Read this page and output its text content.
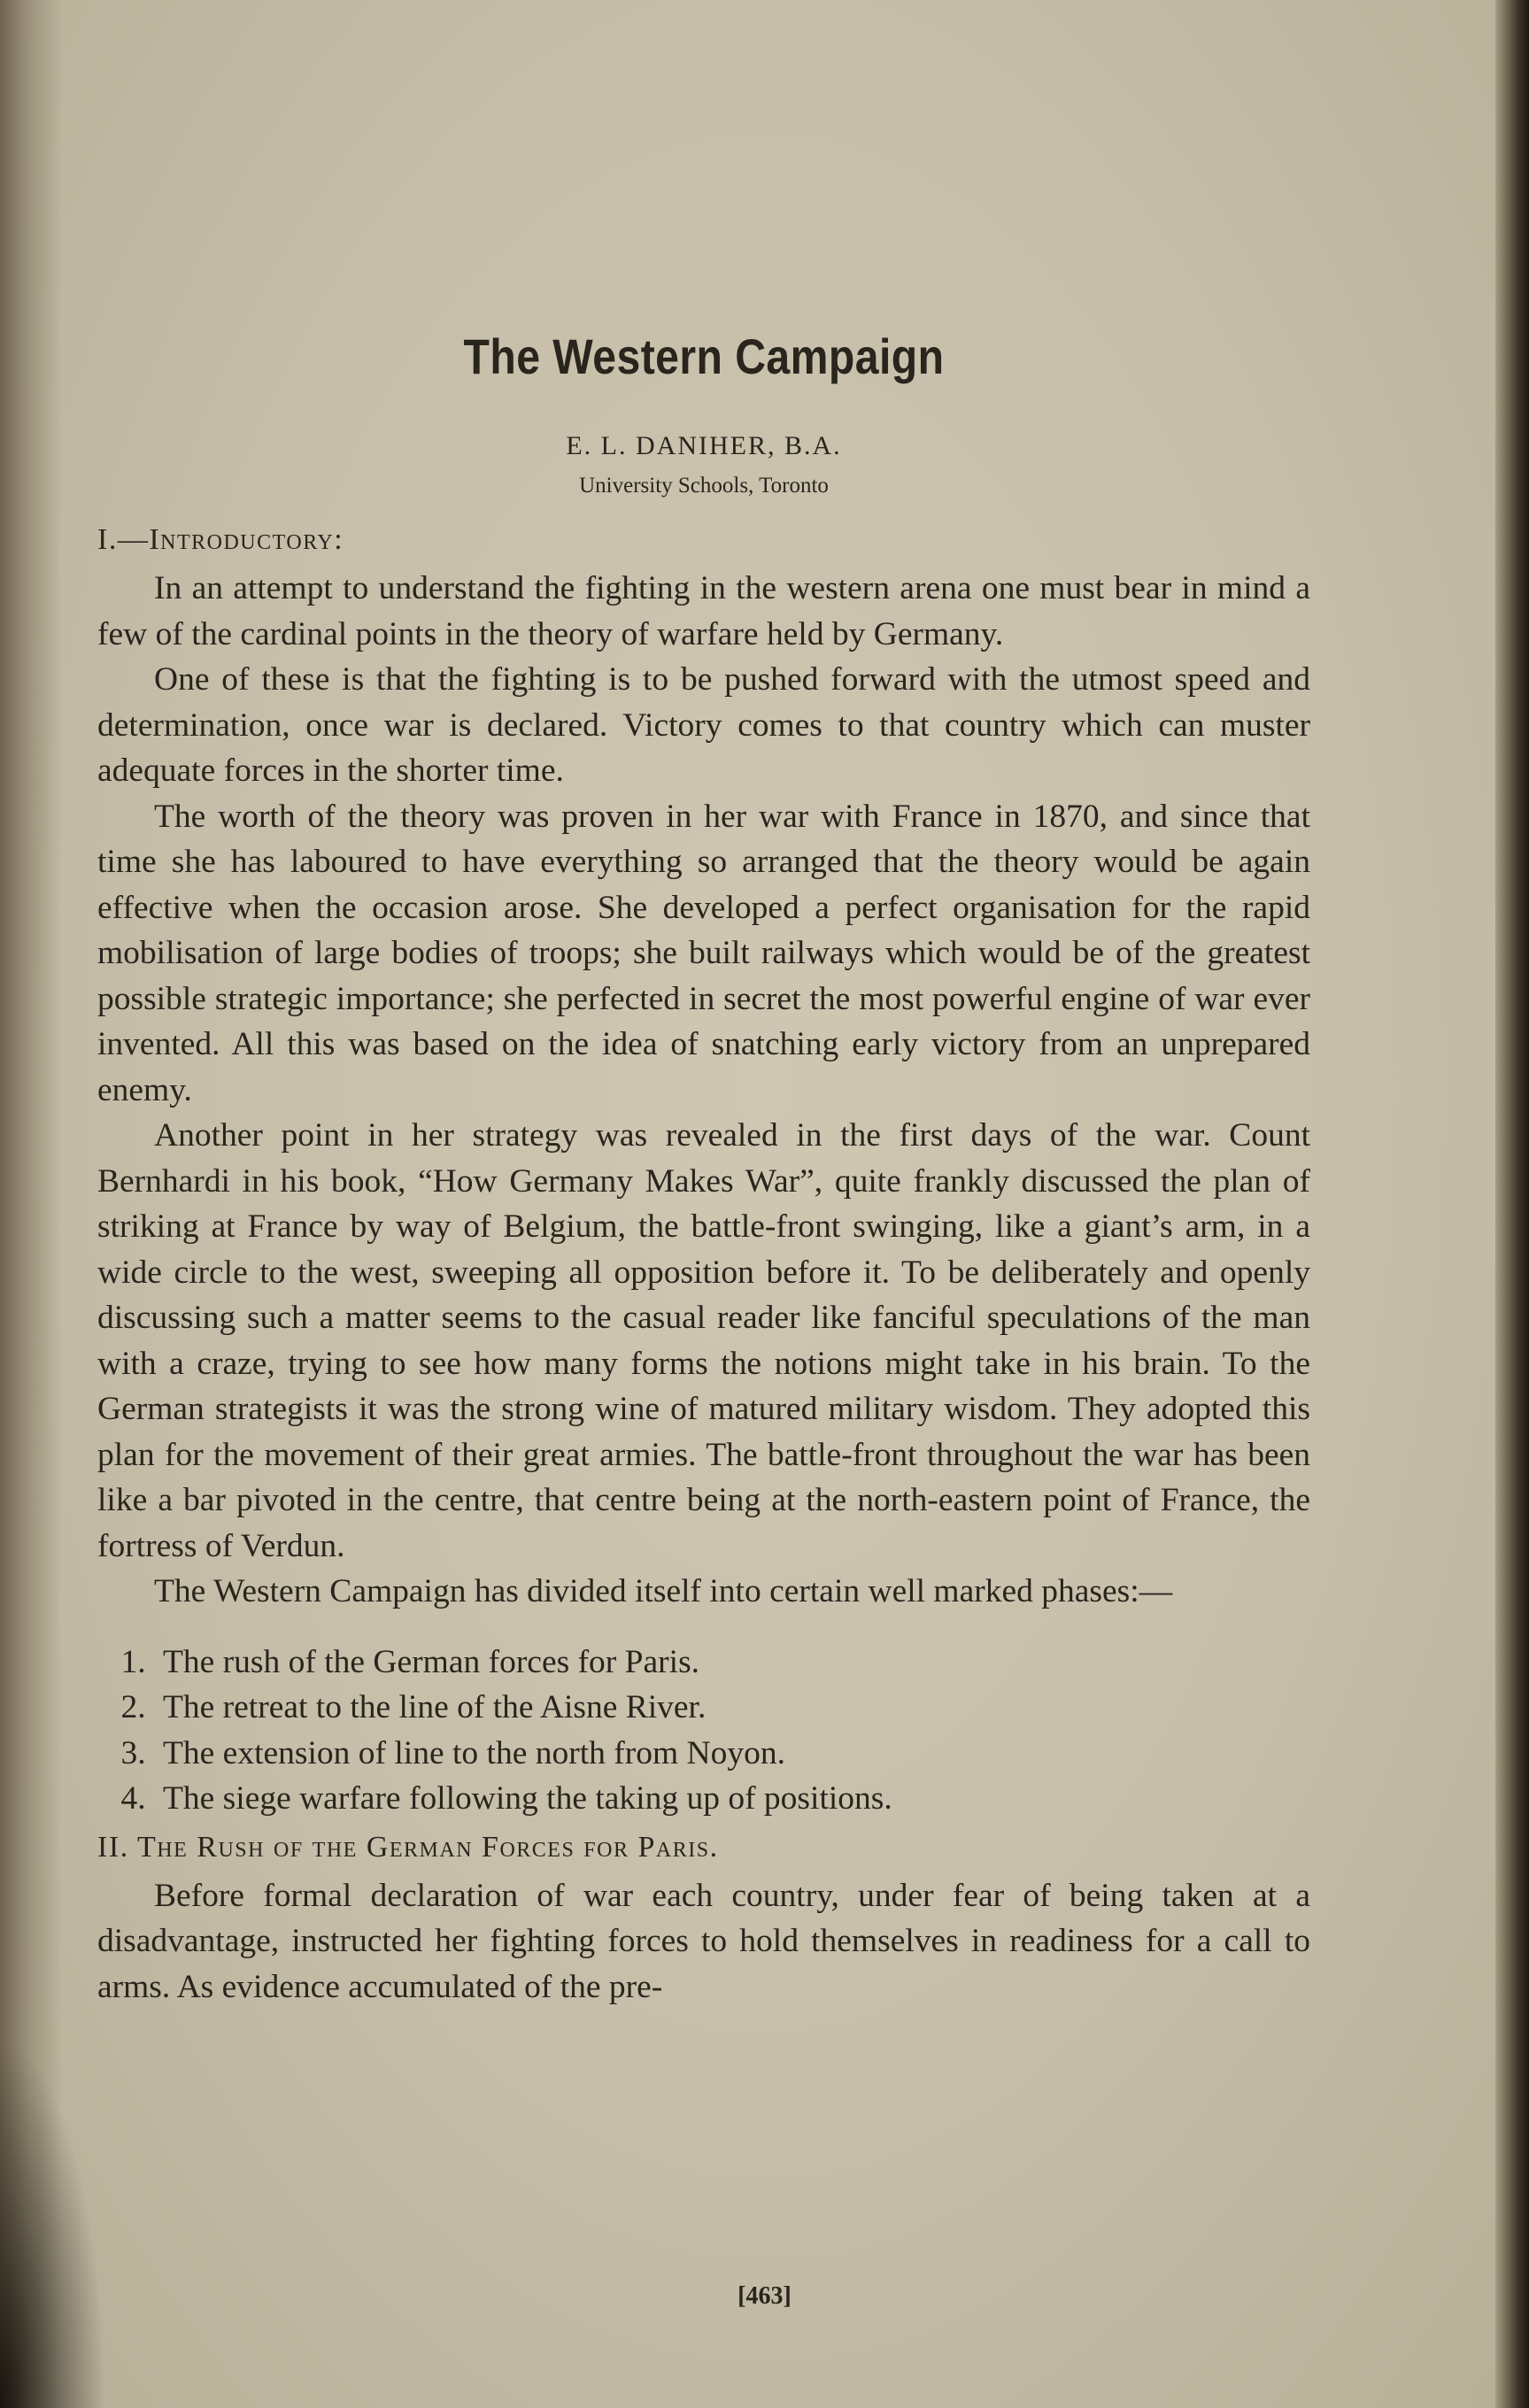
The Western Campaign
E. L. DANIHER, B.A.
University Schools, Toronto
I.—Introductory:

In an attempt to understand the fighting in the western arena one must bear in mind a few of the cardinal points in the theory of warfare held by Germany.

One of these is that the fighting is to be pushed forward with the utmost speed and determination, once war is declared. Victory comes to that country which can muster adequate forces in the shorter time.

The worth of the theory was proven in her war with France in 1870, and since that time she has laboured to have everything so arranged that the theory would be again effective when the occasion arose. She developed a perfect organisation for the rapid mobilisation of large bodies of troops; she built railways which would be of the greatest possible strategic importance; she perfected in secret the most powerful engine of war ever invented. All this was based on the idea of snatching early victory from an unprepared enemy.

Another point in her strategy was revealed in the first days of the war. Count Bernhardi in his book, “How Germany Makes War”, quite frankly discussed the plan of striking at France by way of Belgium, the battle-front swinging, like a giant’s arm, in a wide circle to the west, sweeping all opposition before it. To be deliberately and openly discussing such a matter seems to the casual reader like fanciful speculations of the man with a craze, trying to see how many forms the notions might take in his brain. To the German strategists it was the strong wine of matured military wisdom. They adopted this plan for the movement of their great armies. The battle-front throughout the war has been like a bar pivoted in the centre, that centre being at the north-eastern point of France, the fortress of Verdun.

The Western Campaign has divided itself into certain well marked phases:—

1. The rush of the German forces for Paris.
2. The retreat to the line of the Aisne River.
3. The extension of line to the north from Noyon.
4. The siege warfare following the taking up of positions.
II. The Rush of the German Forces for Paris.

Before formal declaration of war each country, under fear of being taken at a disadvantage, instructed her fighting forces to hold themselves in readiness for a call to arms. As evidence accumulated of the pre-

[463]
